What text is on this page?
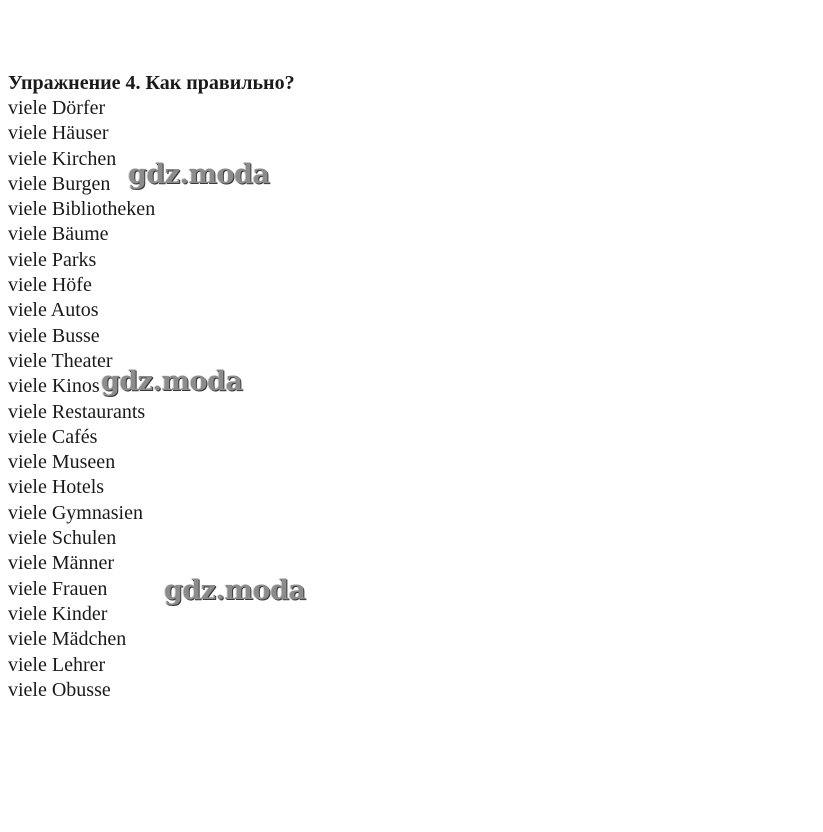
Упражнение 4. Как правильно?

viele Dörfer
viele Häuser
viele Kirchen
viele Burgen
viele Bibliotheken
viele Bäume
viele Parks
viele Höfe
viele Autos
viele Busse
viele Theater
viele Kinos
viele Restaurants
viele Cafés
viele Museen
viele Hotels
viele Gymnasien
viele Schulen
viele Männer
viele Frauen
viele Kinder
viele Mädchen
viele Lehrer
viele Obusse
gdz.moda
gdz.moda
gdz.moda
